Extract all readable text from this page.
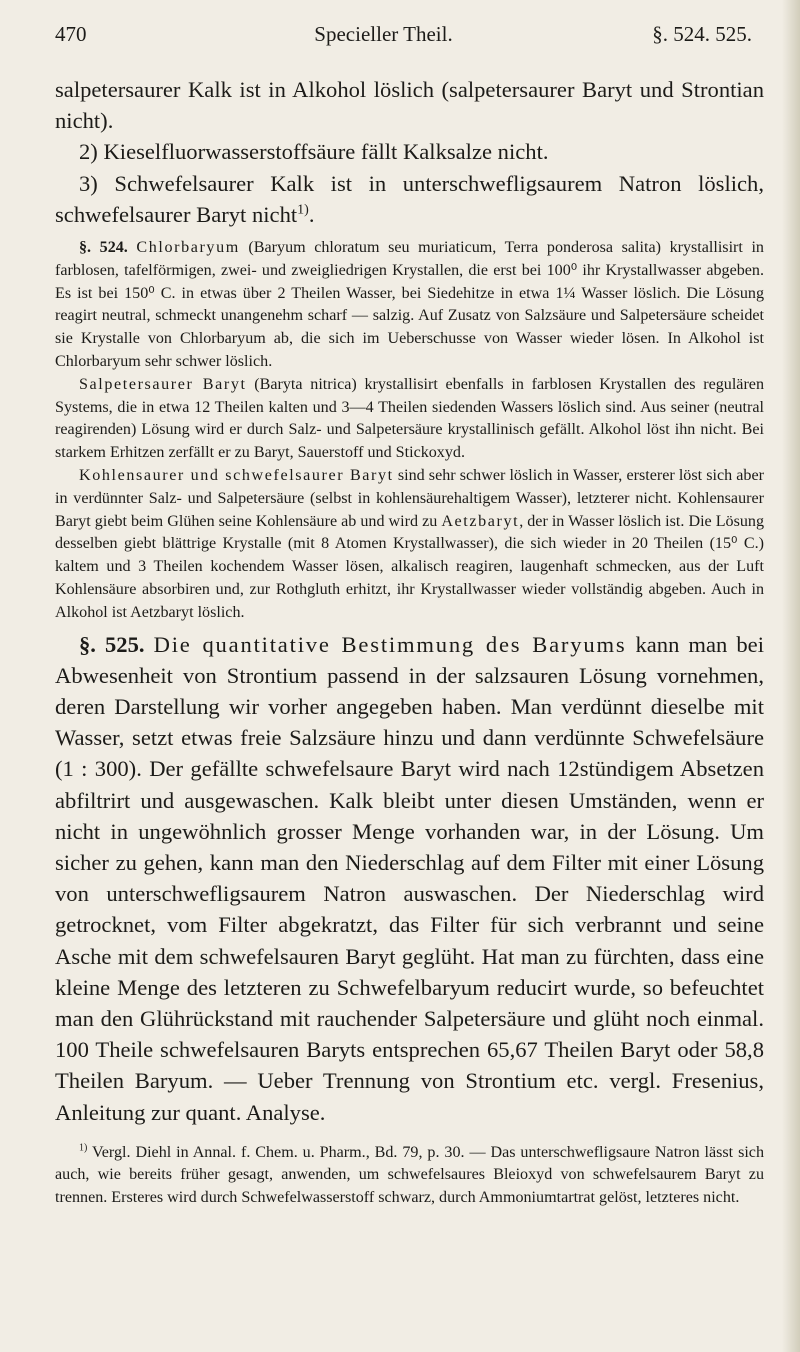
470	Specieller Theil.	§. 524. 525.

salpetersaurer Kalk ist in Alkohol löslich (salpetersaurer Baryt und Strontian nicht).

2) Kieselfluorwasserstoffsäure fällt Kalksalze nicht.

3) Schwefelsaurer Kalk ist in unterschwefligsaurem Natron löslich, schwefelsaurer Baryt nicht$^{1)}$.

§. 524. Chlorbaryum (Baryum chloratum seu muriaticum, Terra ponderosa salita) krystallisirt in farblosen, tafelförmigen, zwei- und zweigliedrigen Krystallen, die erst bei 100⁰ ihr Krystallwasser abgeben. Es ist bei 150⁰ C. in etwas über 2 Theilen Wasser, bei Siedehitze in etwa 1¼ Wasser löslich. Die Lösung reagirt neutral, schmeckt unangenehm scharf — salzig. Auf Zusatz von Salzsäure und Salpetersäure scheidet sie Krystalle von Chlorbaryum ab, die sich im Ueberschusse von Wasser wieder lösen. In Alkohol ist Chlorbaryum sehr schwer löslich.

Salpetersaurer Baryt (Baryta nitrica) krystallisirt ebenfalls in farblosen Krystallen des regulären Systems, die in etwa 12 Theilen kalten und 3—4 Theilen siedenden Wassers löslich sind. Aus seiner (neutral reagirenden) Lösung wird er durch Salz- und Salpetersäure krystallinisch gefällt. Alkohol löst ihn nicht. Bei starkem Erhitzen zerfällt er zu Baryt, Sauerstoff und Stickoxyd.

Kohlensaurer und schwefelsaurer Baryt sind sehr schwer löslich in Wasser, ersterer löst sich aber in verdünnter Salz- und Salpetersäure (selbst in kohlensäurehaltigem Wasser), letzterer nicht. Kohlensaurer Baryt giebt beim Glühen seine Kohlensäure ab und wird zu Aetzbaryt, der in Wasser löslich ist. Die Lösung desselben giebt blättrige Krystalle (mit 8 Atomen Krystallwasser), die sich wieder in 20 Theilen (15⁰ C.) kaltem und 3 Theilen kochendem Wasser lösen, alkalisch reagiren, laugenhaft schmecken, aus der Luft Kohlensäure absorbiren und, zur Rothgluth erhitzt, ihr Krystallwasser wieder vollständig abgeben. Auch in Alkohol ist Aetzbaryt löslich.

§. 525. Die quantitative Bestimmung des Baryums kann man bei Abwesenheit von Strontium passend in der salzsauren Lösung vornehmen, deren Darstellung wir vorher angegeben haben. Man verdünnt dieselbe mit Wasser, setzt etwas freie Salzsäure hinzu und dann verdünnte Schwefelsäure (1 : 300). Der gefällte schwefelsaure Baryt wird nach 12stündigem Absetzen abfiltrirt und ausgewaschen. Kalk bleibt unter diesen Umständen, wenn er nicht in ungewöhnlich grosser Menge vorhanden war, in der Lösung. Um sicher zu gehen, kann man den Niederschlag auf dem Filter mit einer Lösung von unterschwefligsaurem Natron auswaschen. Der Niederschlag wird getrocknet, vom Filter abgekratzt, das Filter für sich verbrannt und seine Asche mit dem schwefelsauren Baryt geglüht. Hat man zu fürchten, dass eine kleine Menge des letzteren zu Schwefelbaryum reducirt wurde, so befeuchtet man den Glührückstand mit rauchender Salpetersäure und glüht noch einmal. 100 Theile schwefelsauren Baryts entsprechen 65,67 Theilen Baryt oder 58,8 Theilen Baryum. — Ueber Trennung von Strontium etc. vergl. Fresenius, Anleitung zur quant. Analyse.

$^{1)}$ Vergl. Diehl in Annal. f. Chem. u. Pharm., Bd. 79, p. 30. — Das unterschwefligsaure Natron lässt sich auch, wie bereits früher gesagt, anwenden, um schwefelsaures Bleioxyd von schwefelsaurem Baryt zu trennen. Ersteres wird durch Schwefelwasserstoff schwarz, durch Ammoniumtartrat gelöst, letzteres nicht.
